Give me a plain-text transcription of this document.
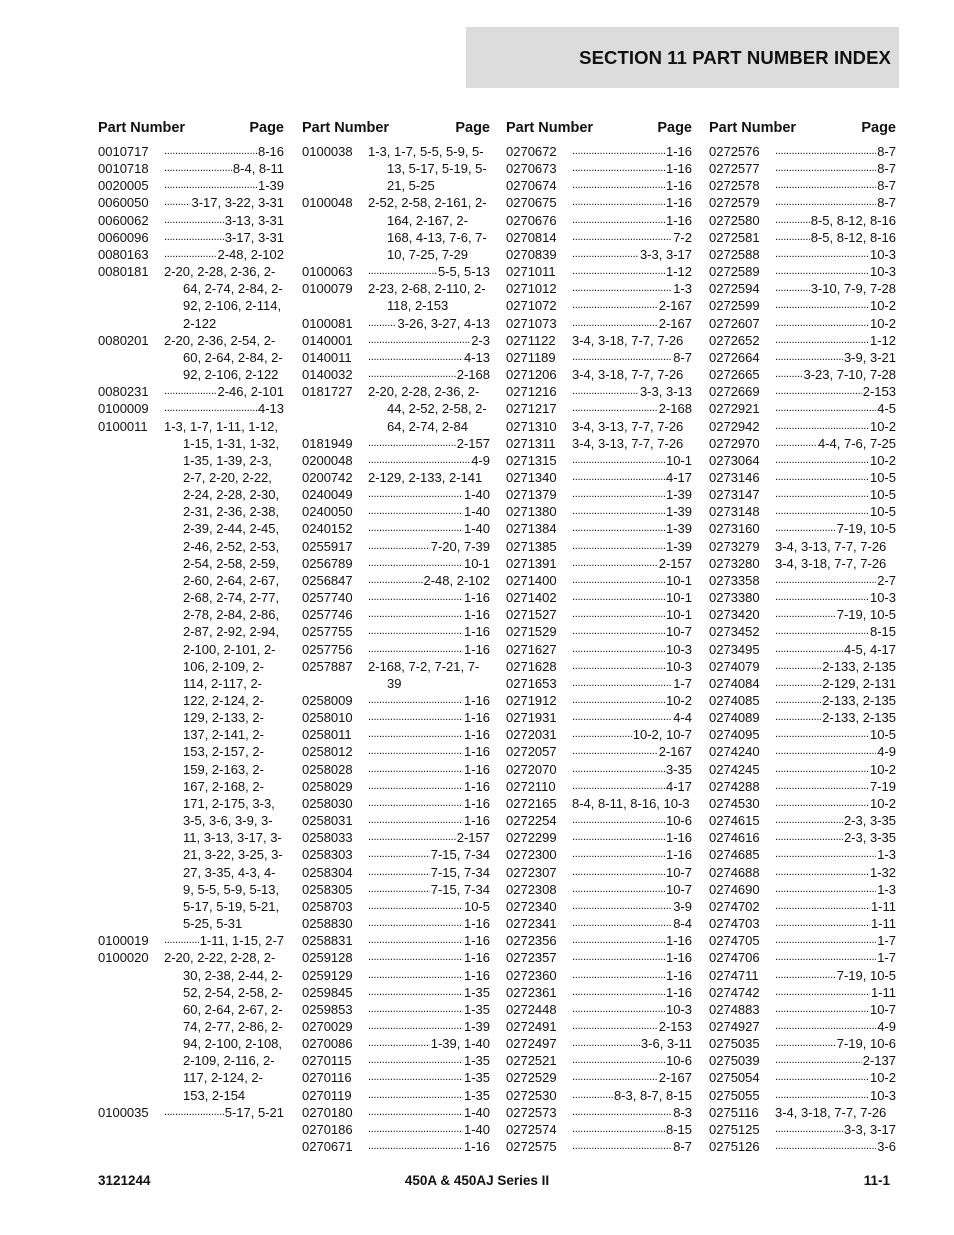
SECTION 11 PART NUMBER INDEX
Part Number	Page
0010717 .....	8-16
0010718 .....	8-4, 8-11
0020005 .....	1-39
0060050 .....	3-17, 3-22, 3-31
0060062 .....	3-13, 3-31
0060096 .....	3-17, 3-31
0080163 .....	2-48, 2-102
0080181	2-20, 2-28, 2-36, 2-64, 2-74, 2-84, 2-92, 2-106, 2-114, 2-122
0080201	2-20, 2-36, 2-54, 2-60, 2-64, 2-84, 2-92, 2-106, 2-122
0080231 .....	2-46, 2-101
0100009 .....	4-13
0100011	1-3, 1-7, 1-11, 1-12, 1-15, 1-31, 1-32, 1-35, 1-39, 2-3, 2-7, 2-20, 2-22, 2-24, 2-28, 2-30, 2-31, 2-36, 2-38, 2-39, 2-44, 2-45, 2-46, 2-52, 2-53, 2-54, 2-58, 2-59, 2-60, 2-64, 2-67, 2-68, 2-74, 2-77, 2-78, 2-84, 2-86, 2-87, 2-92, 2-94, 2-100, 2-101, 2-106, 2-109, 2-114, 2-117, 2-122, 2-124, 2-129, 2-133, 2-137, 2-141, 2-153, 2-157, 2-159, 2-163, 2-167, 2-168, 2-171, 2-175, 3-3, 3-5, 3-6, 3-9, 3-11, 3-13, 3-17, 3-21, 3-22, 3-25, 3-27, 3-35, 4-3, 4-9, 5-5, 5-9, 5-13, 5-17, 5-19, 5-21, 5-25, 5-31
0100019 .....	1-11, 1-15, 2-7
0100020	2-20, 2-22, 2-28, 2-30, 2-38, 2-44, 2-52, 2-54, 2-58, 2-60, 2-64, 2-67, 2-74, 2-77, 2-86, 2-94, 2-100, 2-108, 2-109, 2-116, 2-117, 2-124, 2-153, 2-154
0100035 .....	5-17, 5-21
Part Number	Page
0100038	1-3, 1-7, 5-5, 5-9, 5-13, 5-17, 5-19, 5-21, 5-25
0100048	2-52, 2-58, 2-161, 2-164, 2-167, 2-168, 4-13, 7-6, 7-10, 7-25, 7-29
0100063 .....	5-5, 5-13
0100079	2-23, 2-68, 2-110, 2-118, 2-153
0100081 .....	3-26, 3-27, 4-13
0140001 .....	2-3
0140011 .....	4-13
0140032 .....	2-168
0181727	2-20, 2-28, 2-36, 2-44, 2-52, 2-58, 2-64, 2-74, 2-84
0181949 .....	2-157
0200048 .....	4-9
0200742	2-129, 2-133, 2-141
0240049 .....	1-40
0240050 .....	1-40
0240152 .....	1-40
0255917 .....	7-20, 7-39
0256789 .....	10-1
0256847 .....	2-48, 2-102
0257740 .....	1-16
0257746 .....	1-16
0257755 .....	1-16
0257756 .....	1-16
0257887	2-168, 7-2, 7-21, 7-39
0258009 .....	1-16
0258010 .....	1-16
0258011 .....	1-16
0258012 .....	1-16
0258028 .....	1-16
0258029 .....	1-16
0258030 .....	1-16
0258031 .....	1-16
0258033 .....	2-157
0258303 .....	7-15, 7-34
0258304 .....	7-15, 7-34
0258305 .....	7-15, 7-34
0258703 .....	10-5
0258830 .....	1-16
0258831 .....	1-16
0259128 .....	1-16
0259129 .....	1-16
0259845 .....	1-35
0259853 .....	1-35
0270029 .....	1-39
0270086 .....	1-39, 1-40
0270115 .....	1-35
0270116 .....	1-35
0270119 .....	1-35
0270180 .....	1-40
0270186 .....	1-40
0270671 .....	1-16
Part Number	Page
0270672 .....	1-16
0270673 .....	1-16
0270674 .....	1-16
0270675 .....	1-16
0270676 .....	1-16
0270814 .....	7-2
0270839 .....	3-3, 3-17
0271011 .....	1-12
0271012 .....	1-3
0271072 .....	2-167
0271073 .....	2-167
0271122	3-4, 3-18, 7-7, 7-26
0271189 .....	8-7
0271206	3-4, 3-18, 7-7, 7-26
0271216 .....	3-3, 3-13
0271217 .....	2-168
0271310	3-4, 3-13, 7-7, 7-26
0271311	3-4, 3-13, 7-7, 7-26
0271315 .....	10-1
0271340 .....	4-17
0271379 .....	1-39
0271380 .....	1-39
0271384 .....	1-39
0271385 .....	1-39
0271391 .....	2-157
0271400 .....	10-1
0271402 .....	10-1
0271527 .....	10-1
0271529 .....	10-7
0271627 .....	10-3
0271628 .....	10-3
0271653 .....	1-7
0271912 .....	10-2
0271931 .....	4-4
0272031 .....	10-2, 10-7
0272057 .....	2-167
0272070 .....	3-35
0272110 .....	4-17
0272165	8-4, 8-11, 8-16, 10-3
0272254 .....	10-6
0272299 .....	1-16
0272300 .....	1-16
0272307 .....	10-7
0272308 .....	10-7
0272340 .....	3-9
0272341 .....	8-4
0272356 .....	1-16
0272357 .....	1-16
0272360 .....	1-16
0272361 .....	1-16
0272448 .....	10-3
0272491 .....	2-153
0272497 .....	3-6, 3-11
0272521 .....	10-6
0272529 .....	2-167
0272530 .....	8-3, 8-7, 8-15
0272573 .....	8-3
0272574 .....	8-15
0272575 .....	8-7
Part Number	Page
0272576 .....	8-7
0272577 .....	8-7
0272578 .....	8-7
0272579 .....	8-7
0272580 .....	8-5, 8-12, 8-16
0272581 .....	8-5, 8-12, 8-16
0272588 .....	10-3
0272589 .....	10-3
0272594 .....	3-10, 7-9, 7-28
0272599 .....	10-2
0272607 .....	10-2
0272652 .....	1-12
0272664 .....	3-9, 3-21
0272665 .....	3-23, 7-10, 7-28
0272669 .....	2-153
0272921 .....	4-5
0272942 .....	10-2
0272970 .....	4-4, 7-6, 7-25
0273064 .....	10-2
0273146 .....	10-5
0273147 .....	10-5
0273148 .....	10-5
0273160 .....	7-19, 10-5
0273279	3-4, 3-13, 7-7, 7-26
0273280	3-4, 3-18, 7-7, 7-26
0273358 .....	2-7
0273380 .....	10-3
0273420 .....	7-19, 10-5
0273452 .....	8-15
0273495 .....	4-5, 4-17
0274079 .....	2-133, 2-135
0274084 .....	2-129, 2-131
0274085 .....	2-133, 2-135
0274089 .....	2-133, 2-135
0274095 .....	10-5
0274240 .....	4-9
0274245 .....	10-2
0274288 .....	7-19
0274530 .....	10-2
0274615 .....	2-3, 3-35
0274616 .....	2-3, 3-35
0274685 .....	1-3
0274688 .....	1-32
0274690 .....	1-3
0274702 .....	1-11
0274703 .....	1-11
0274705 .....	1-7
0274706 .....	1-7
0274711 .....	7-19, 10-5
0274742 .....	1-11
0274883 .....	10-7
0274927 .....	4-9
0275035 .....	7-19, 10-6
0275039 .....	2-137
0275054 .....	10-2
0275055 .....	10-3
0275116	3-4, 3-18, 7-7, 7-26
0275125 .....	3-3, 3-17
0275126 .....	3-6
3121244	450A & 450AJ Series II	11-1
